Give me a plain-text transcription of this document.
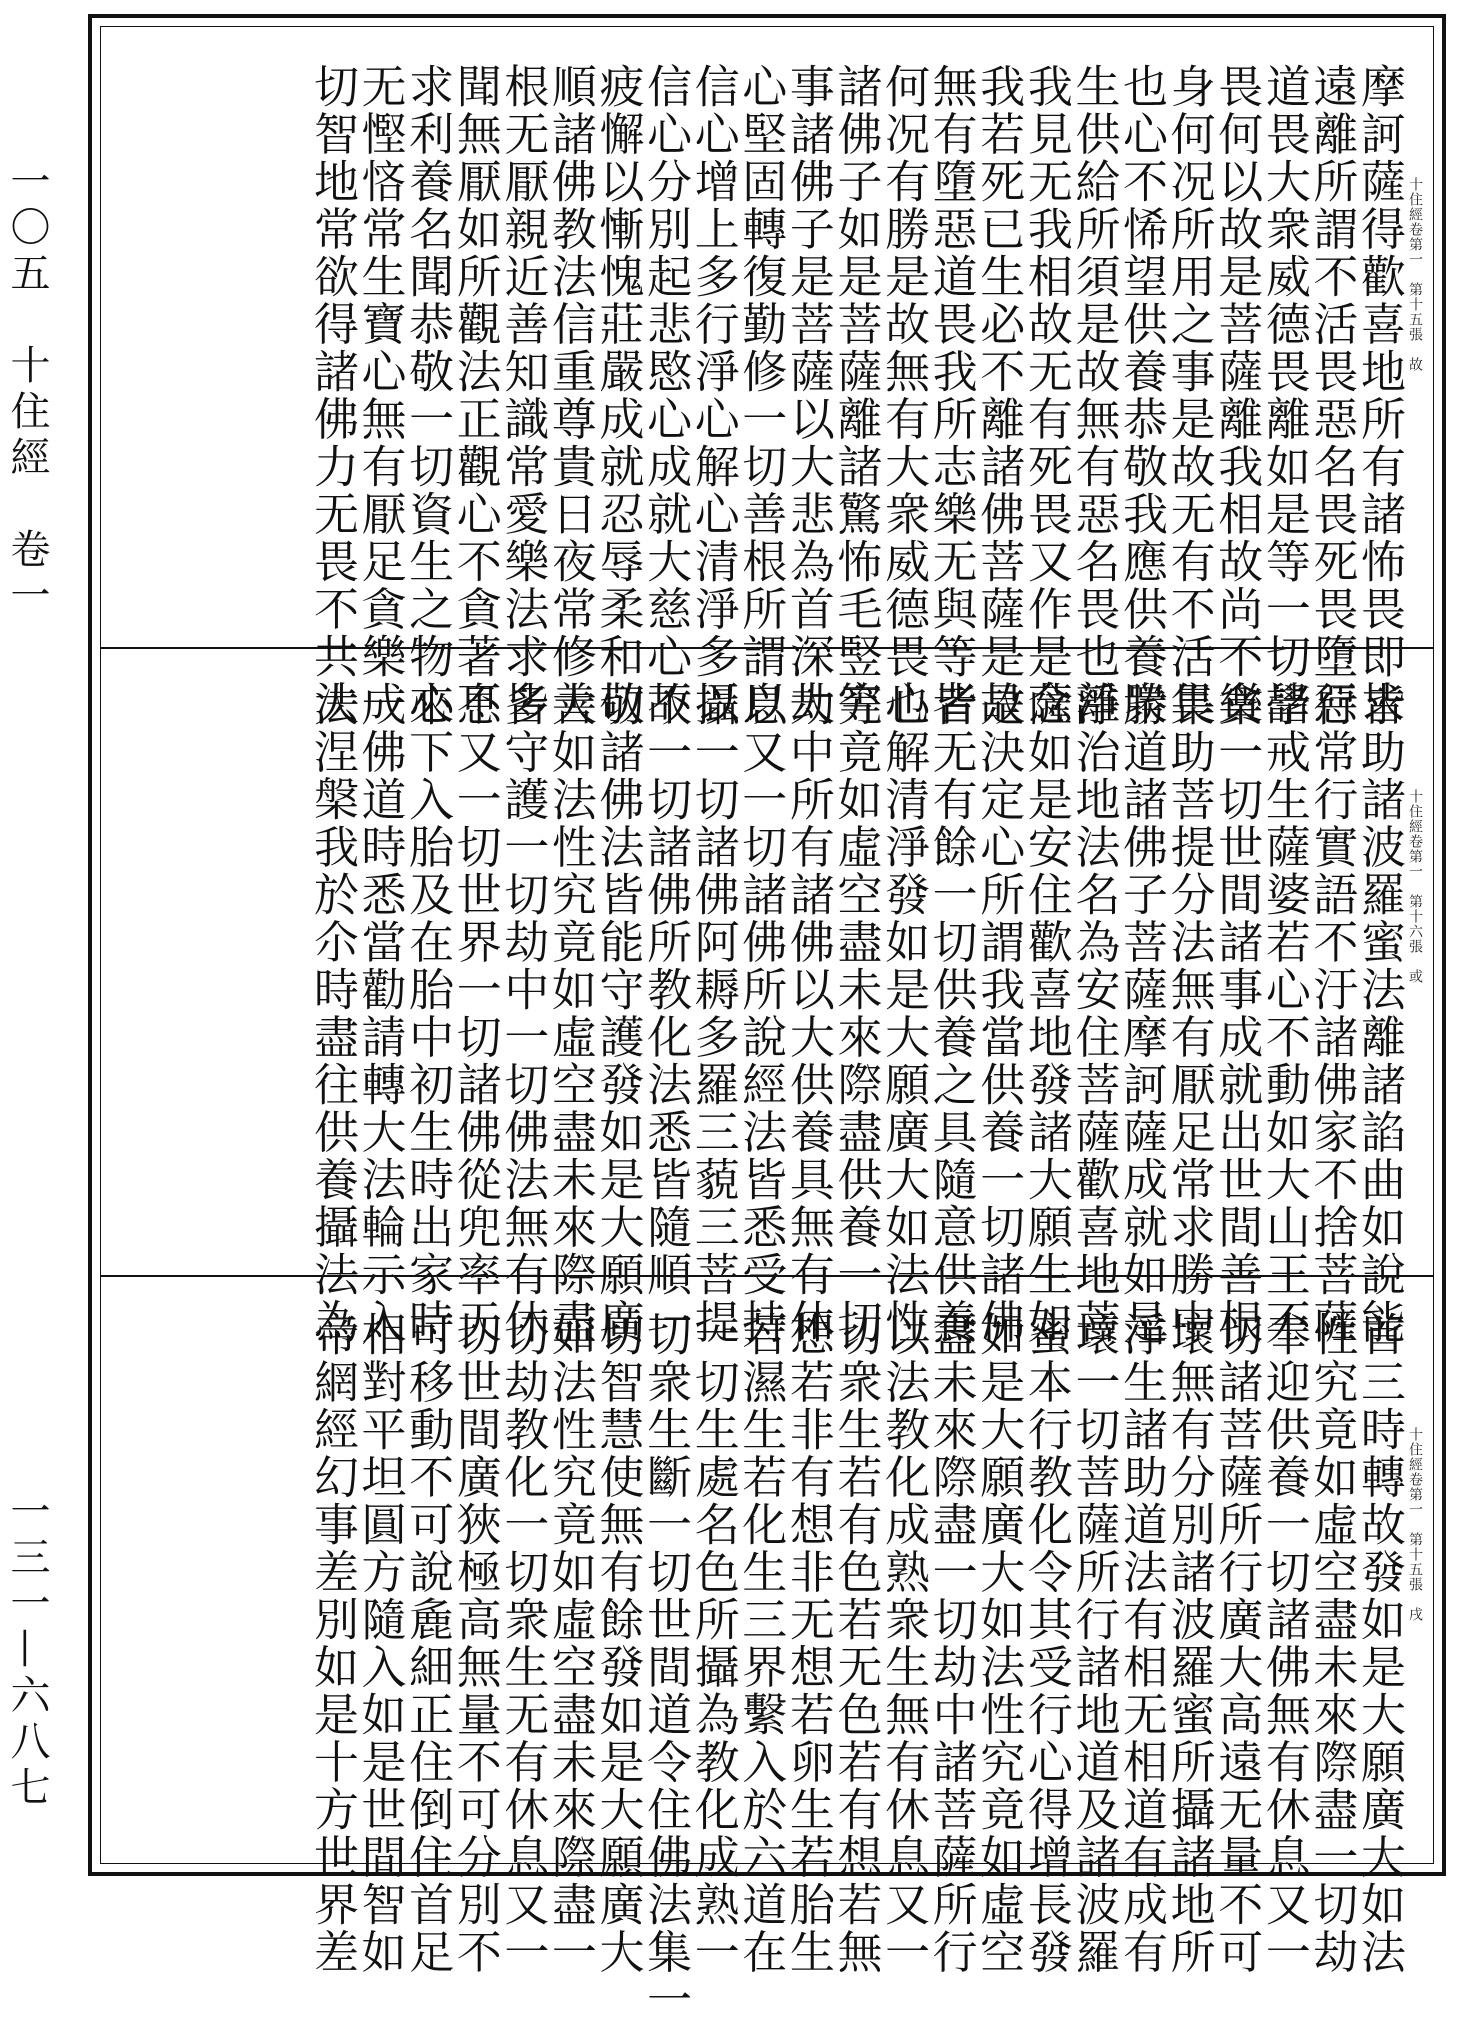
一〇五　十住經　卷一
一三一—六八七
十住經卷第一　第十五張　故
摩訶薩得歡喜地所有諸怖畏即皆
遠離所謂不活畏惡名畏死畏墮惡
道畏大衆威德畏離如是等一切諸
畏何以故是菩薩離我相故尚不貪
身何况所用之事是故无有不活畏
也心不悕望供養恭敬我應供養衆
生供給所須是故無有惡名畏也離
我見无我相故无有死畏又作是念
我若死已生必不離諸佛菩薩是故
無有墮惡道畏我所志樂无與等者
何况有勝是故無有大衆威德畏也
諸佛子如是菩薩離諸驚怖毛竪等
事諸佛子是菩薩以大悲為首深大
心堅固轉復勤修一切善根所謂以
信心增上多行淨心解心清淨多以
信心分別起悲愍心成就大慈心不
疲懈以慚愧莊嚴成就忍辱柔和敬
順諸佛教法信重尊貴日夜常修善
根无厭親近善知識常愛樂法求多
聞無厭如所觀法正觀心不貪著不
求利養名聞恭敬一切資生之物心
无慳悋常生寶心無有厭足貪樂一
切智地常欲得諸佛力无畏不共法
十住經卷第一　第十六張　或
求助諸波羅蜜法離諸諂曲如說能
行常行實語不汙諸佛家不捨菩薩
學戒生薩婆若心不動如大山王不
樂一切世間諸事成就出世間善根
集助菩提分法無有厭足常求勝中
勝道諸佛子菩薩摩訶薩成就如是
淨治地法名為安住菩薩歡喜地菩
薩如是安住歡喜地發諸大願生如
是決定心所謂我當供養一切諸佛
皆无有餘一切供養之具隨意供養
心解清淨發如是大願廣大如法性
究竟如虛空盡未來際盡供養一切
劫中所有諸佛以大供養具無有休
息又一切諸佛所說經法皆悉受持
攝一切諸佛阿耨多羅三藐三菩提
故一切諸佛所教化法悉皆隨順一
切諸佛法皆能守護發如是大願廣
大如法性究竟如虛空盡未來際盡
皆守護一切劫中一切佛法無有休
息又一切世界一切諸佛從兜率天
來下入胎及在胎中初生時出家時
成佛道時悉當勸請轉大法輪示入
大涅槃我於尒時盡往供養攝法為
十住經卷第一　第十五張　戌
首三時轉故發如是大願廣大如法
性究竟如虛空盡未來際盡一切劫
奉迎供養一切諸佛無有休息又一
切諸菩薩所行廣大高遠无量不可
壞無有分別諸波羅蜜所攝諸地所
淨生諸助道法有相无相道有成有
壞一切菩薩所行諸地道及諸波羅
蜜本行教化令其受行心得增長發
如是大願廣大如法性究竟如虛空
盡未來際盡一切劫中諸菩薩所行
以法教化成熟衆生無有休息又一
切衆生若有色若无色若有想若無
想若非有想非无想若卵生若胎生
若濕生若化生三界繫入於六道在
一切生處名色所攝為教化成熟一
切衆生斷一切世間道令住佛法集一
切智慧使無有餘發如是大願廣大
如法性究竟如虛空盡未來際盡一
切劫教化一切衆生无有休息又一
切世間廣狹極高無量不可分別不
可移動不可說麁細正住倒住首足
相對平坦圓方隨入如是世間智如
帝網經幻事差別如是十方世界差
